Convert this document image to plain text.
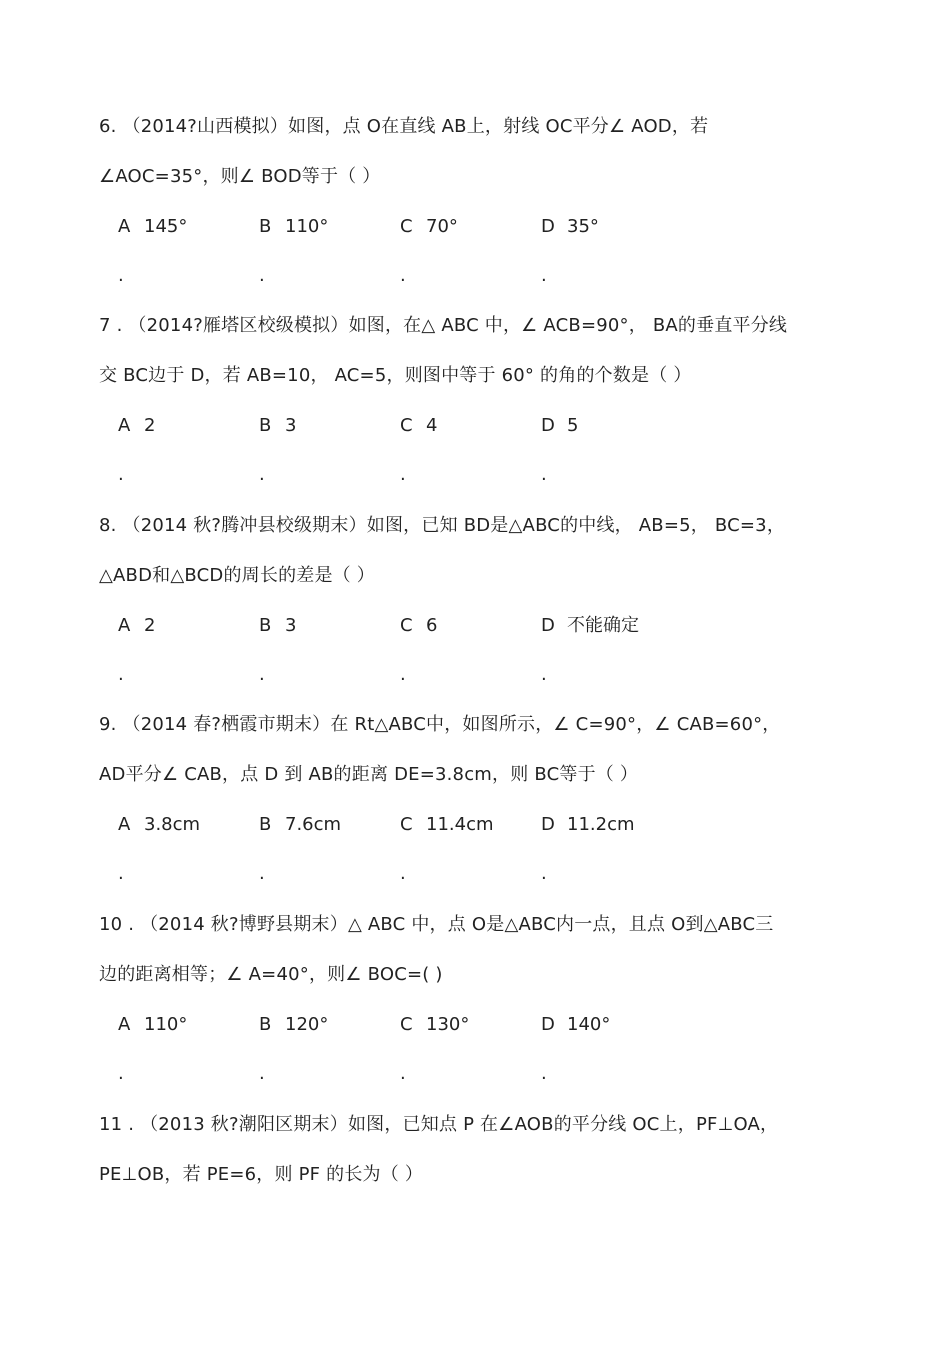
6. （2014?山西模拟）如图，点 O在直线 AB上，射线 OC平分∠ AOD，若
∠AOC=35°，则∠ BOD等于（ ）
A 145°	B 110°	C 70°	D 35°
.	.	.	.
7 . （2014?雁塔区校级模拟）如图，在△ ABC 中，∠ ACB=90°， BA的垂直平分线
交 BC边于 D，若 AB=10， AC=5，则图中等于 60° 的角的个数是（ ）
A 2	B 3	C 4	D 5
.	.	.	.
8. （2014 秋?腾冲县校级期末）如图，已知 BD是△ABC的中线， AB=5， BC=3，
△ABD和△BCD的周长的差是（ ）
A 2	B 3	C 6	D 不能确定
.	.	.	.
9. （2014 春?栖霞市期末）在 Rt△ABC中，如图所示，∠ C=90°，∠ CAB=60°，
AD平分∠ CAB，点 D 到 AB的距离 DE=3.8cm，则 BC等于（ ）
A 3.8cm	B 7.6cm	C 11.4cm	D 11.2cm
.	.	.	.
10 . （2014 秋?博野县期末）△ ABC 中，点 O是△ABC内一点，且点 O到△ABC三
边的距离相等；∠ A=40°，则∠ BOC=( )
A 110°	B 120°	C 130°	D 140°
.	.	.	.
11 . （2013 秋?潮阳区期末）如图，已知点 P 在∠AOB的平分线 OC上，PF⊥OA，
PE⊥OB，若 PE=6，则 PF 的长为（ ）
